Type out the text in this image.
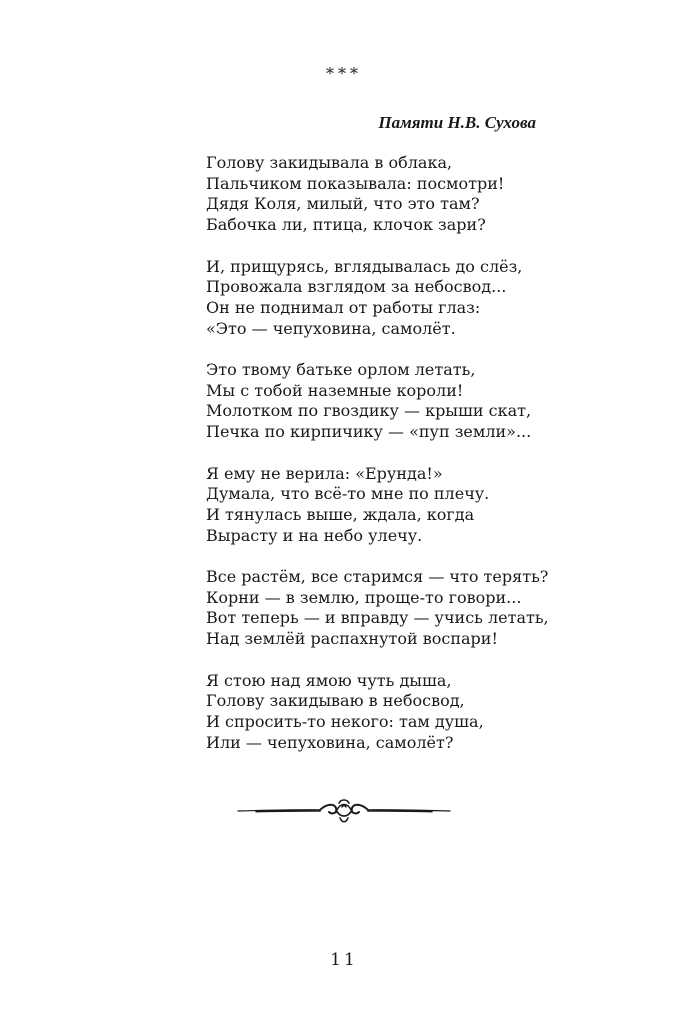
***
Памяти Н.В. Сухова
Голову закидывала в облака,
Пальчиком показывала: посмотри!
Дядя Коля, милый, что это там?
Бабочка ли, птица, клочок зари?
И, прищурясь, вглядывалась до слёз,
Провожала взглядом за небосвод...
Он не поднимал от работы глаз:
«Это — чепуховина, самолёт.
Это твому батьке орлом летать,
Мы с тобой наземные короли!
Молотком по гвоздику — крыши скат,
Печка по кирпичику — «пуп земли»...
Я ему не верила: «Ерунда!»
Думала, что всё-то мне по плечу.
И тянулась выше, ждала, когда
Вырасту и на небо улечу.
Все растём, все старимся — что терять?
Корни — в землю, проще-то говори...
Вот теперь — и вправду — учись летать,
Над землёй распахнутой воспари!
Я стою над ямою чуть дыша,
Голову закидываю в небосвод,
И спросить-то некого: там душа,
Или — чепуховина, самолёт?
11
